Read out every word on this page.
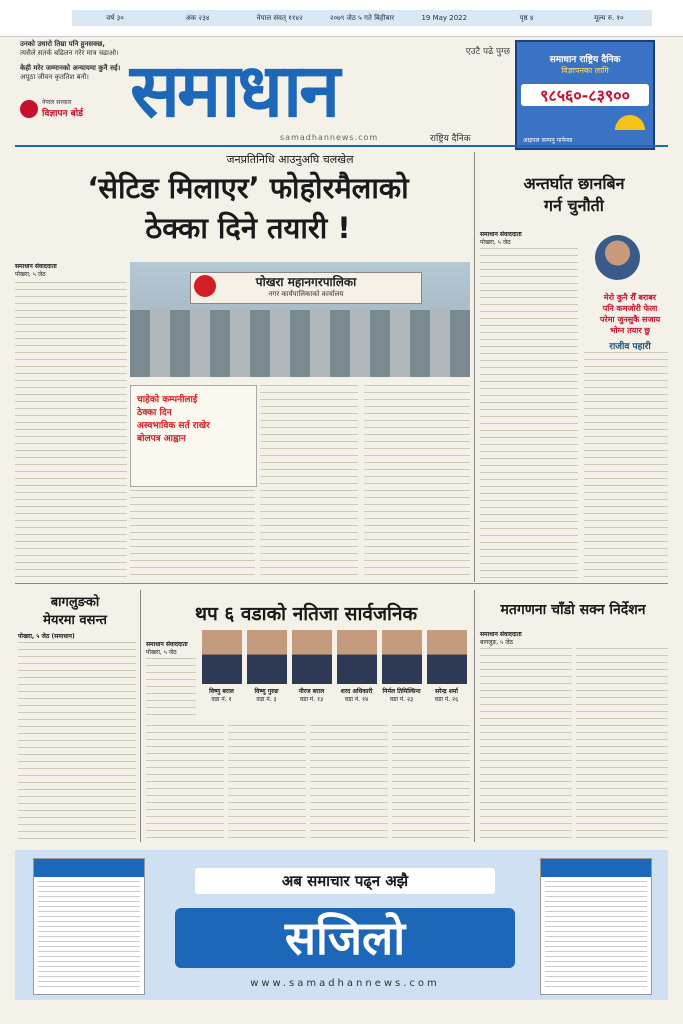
वर्ष ३०	अंक २३४	नेपाल संवत् ११४२	२०७९ जेठ ५ गते बिहीबार	19 May 2022	पृष्ठ ४	मूल्य रु. १०
उनको उधारो तिम्रा पनि हुनसक्छ,
त्यसैले सतर्क बढिलन गरेर मात्र चढाओ।
केही मरेर जम्मानको अन्यायमा कुनै रुई।
अपूठा जीवन कृततिश बनौ।
नेपाल सरकार
विज्ञापन बोर्ड
एउटै पढे पुग्छ
समाधान
samadhannews.com	राष्ट्रिय दैनिक
समाधान राष्ट्रिय दैनिक
विज्ञापनका लागि
९८५६०-८३९००
आइपल कम्पनु पानेन्सा
जनप्रतिनिधि आउनुअघि चलखेल
‘सेटिङ मिलाएर’ फोहोरमैलाको
ठेक्का दिने तयारी !
समाधान संवाददाता
पोखरा, ५ जेठ
पोखरा महानगरपालिका
नगर कार्यपालिकाको कार्यालय
चाहेको कम्पनीलाई
ठेक्का दिन
अस्वभाविक सर्त राखेर
बोलपत्र आह्वान
अन्तर्घात छानबिन
गर्न चुनौती
समाधान संवाददाता
पोखरा, ५ जेठ
मेरो कुनै रौँ बराबर
पनि कमजोरी फेला
परेमा जुनसुकै सजाय
भोग्न तयार छु
राजीव पहारी
बागलुङको
मेयरमा वसन्त
पोखरा, ५ जेठ (समाधान)
थप ६ वडाको नतिजा सार्वजनिक
समाधान संवाददाता
पोखरा, ५ जेठ
विष्णु बराल
वडा नं. १
विष्णु गुरुङ
वडा नं. ३
नीरज बराल
वडा नं. १३
शरद अधिकारी
वडा नं. १४
निर्मल तिमिल्सिना
वडा नं. २३
सरेन्द्र शर्मा
वडा नं. २६
मतगणना चाँडो सक्न निर्देशन
समाधान संवाददाता
बागलुङ, ५ जेठ
अब समाचार पढ्न अझै
सजिलो
www.samadhannews.com
